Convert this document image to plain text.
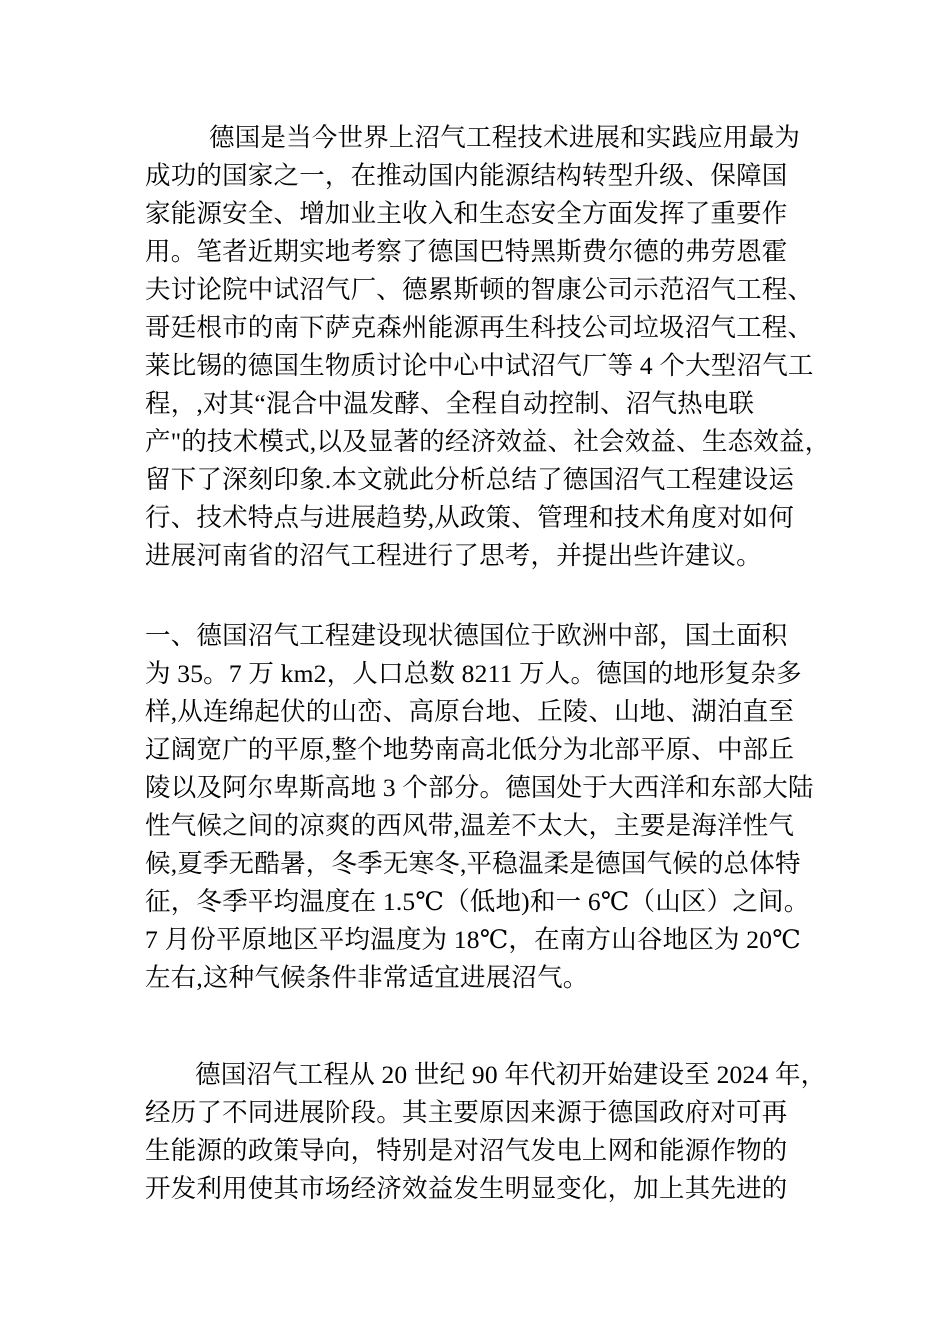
德国是当今世界上沼气工程技术进展和实践应用最为
成功的国家之一，在推动国内能源结构转型升级、保障国
家能源安全、增加业主收入和生态安全方面发挥了重要作
用。笔者近期实地考察了德国巴特黑斯费尔德的弗劳恩霍
夫讨论院中试沼气厂、德累斯顿的智康公司示范沼气工程、
哥廷根市的南下萨克森州能源再生科技公司垃圾沼气工程、
莱比锡的德国生物质讨论中心中试沼气厂等 4 个大型沼气工
程，,对其“混合中温发酵、全程自动控制、沼气热电联
产"的技术模式,以及显著的经济效益、社会效益、生态效益，
留下了深刻印象.本文就此分析总结了德国沼气工程建设运
行、技术特点与进展趋势,从政策、管理和技术角度对如何
进展河南省的沼气工程进行了思考，并提出些许建议。
一、德国沼气工程建设现状德国位于欧洲中部，国土面积
为 35。7 万 km2，人口总数 8211 万人。德国的地形复杂多
样,从连绵起伏的山峦、高原台地、丘陵、山地、湖泊直至
辽阔宽广的平原,整个地势南高北低分为北部平原、中部丘
陵以及阿尔卑斯高地 3 个部分。德国处于大西洋和东部大陆
性气候之间的凉爽的西风带,温差不太大，主要是海洋性气
候,夏季无酷暑，冬季无寒冬,平稳温柔是德国气候的总体特
征，冬季平均温度在 1.5℃（低地)和一 6℃（山区）之间。
7 月份平原地区平均温度为 18℃，在南方山谷地区为 20℃
左右,这种气候条件非常适宜进展沼气。
德国沼气工程从 20 世纪 90 年代初开始建设至 2024 年，
经历了不同进展阶段。其主要原因来源于德国政府对可再
生能源的政策导向，特别是对沼气发电上网和能源作物的
开发利用使其市场经济效益发生明显变化，加上其先进的
